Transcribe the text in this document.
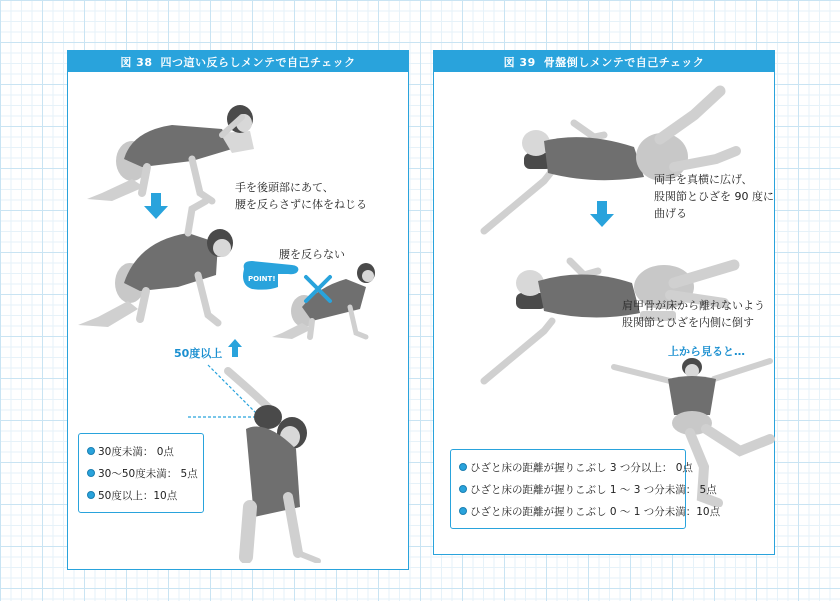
図 38 四つ這い反らしメンテで自己チェック
手を後頭部にあて、
腰を反らさずに体をねじる
POINT!
腰を反らない
50度以上
30度未満： 0点
30～50度未満： 5点
50度以上：10点
図 39 骨盤倒しメンテで自己チェック
両手を真横に広げ、
股関節とひざを 90 度に
曲げる
肩甲骨が床から離れないよう
股関節とひざを内側に倒す
上から見ると…
ひざと床の距離が握りこぶし 3 つ分以上： 0点
ひざと床の距離が握りこぶし 1 ～ 3 つ分未満： 5点
ひざと床の距離が握りこぶし 0 ～ 1 つ分未満：10点
